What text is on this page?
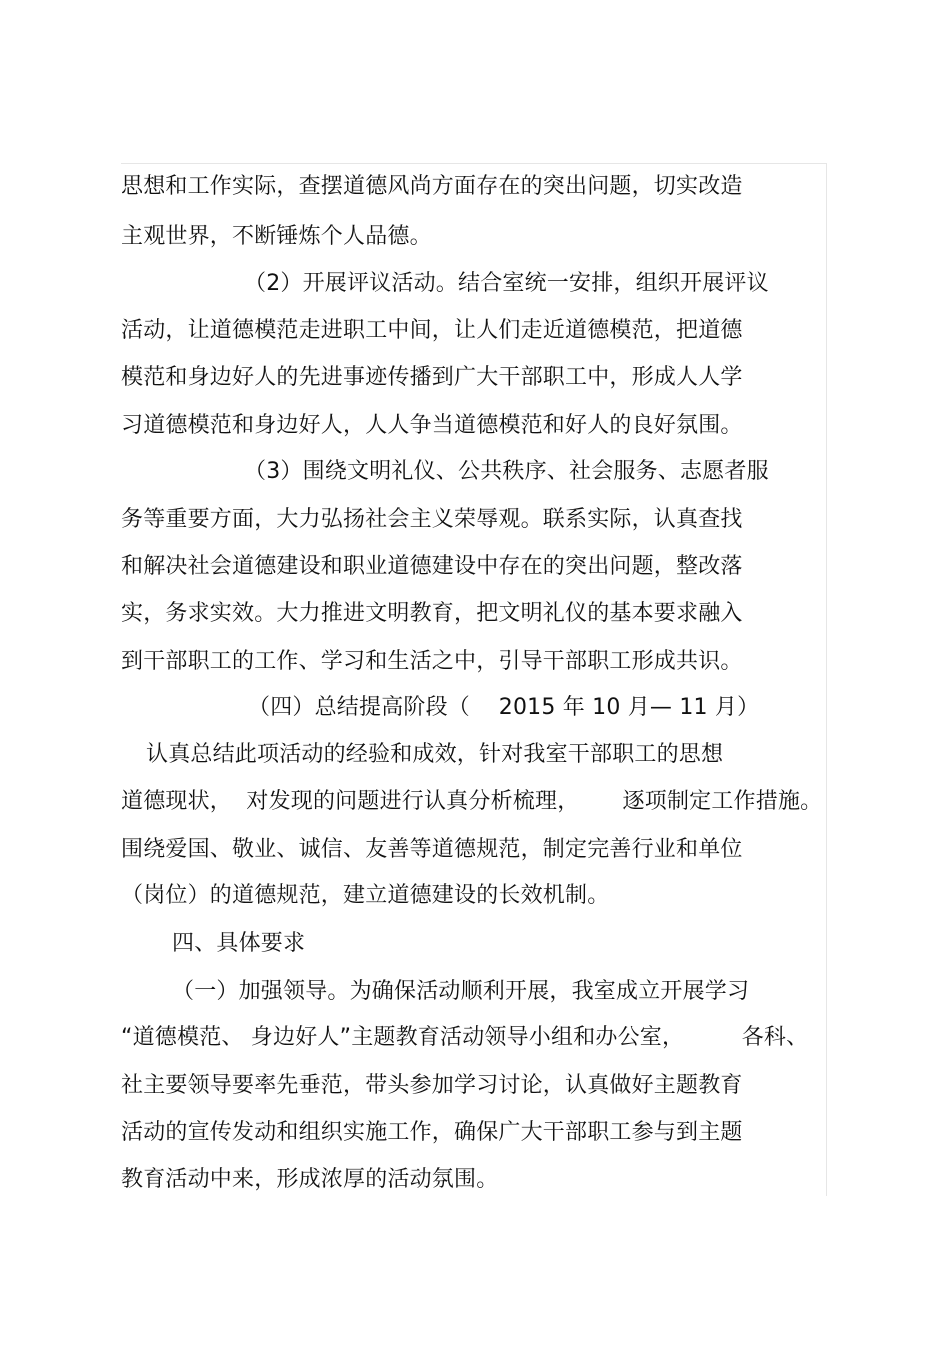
思想和工作实际，查摆道德风尚方面存在的突出问题，切实改造
主观世界，不断锤炼个人品德。
（2）开展评议活动。结合室统一安排，组织开展评议
活动，让道德模范走进职工中间，让人们走近道德模范，把道德
模范和身边好人的先进事迹传播到广大干部职工中，形成人人学
习道德模范和身边好人，人人争当道德模范和好人的良好氛围。
（3）围绕文明礼仪、公共秩序、社会服务、志愿者服
务等重要方面，大力弘扬社会主义荣辱观。联系实际，认真查找
和解决社会道德建设和职业道德建设中存在的突出问题，整改落
实，务求实效。大力推进文明教育，把文明礼仪的基本要求融入
到干部职工的工作、学习和生活之中，引导干部职工形成共识。
（四）总结提高阶段（    2015 年 10 月— 11 月）
认真总结此项活动的经验和成效，针对我室干部职工的思想
道德现状，  对发现的问题进行认真分析梳理，      逐项制定工作措施。
围绕爱国、敬业、诚信、友善等道德规范，制定完善行业和单位
（岗位）的道德规范，建立道德建设的长效机制。
四、具体要求
（一）加强领导。为确保活动顺利开展，我室成立开展学习
“道德模范、 身边好人”主题教育活动领导小组和办公室，        各科、
社主要领导要率先垂范，带头参加学习讨论，认真做好主题教育
活动的宣传发动和组织实施工作，确保广大干部职工参与到主题
教育活动中来，形成浓厚的活动氛围。
